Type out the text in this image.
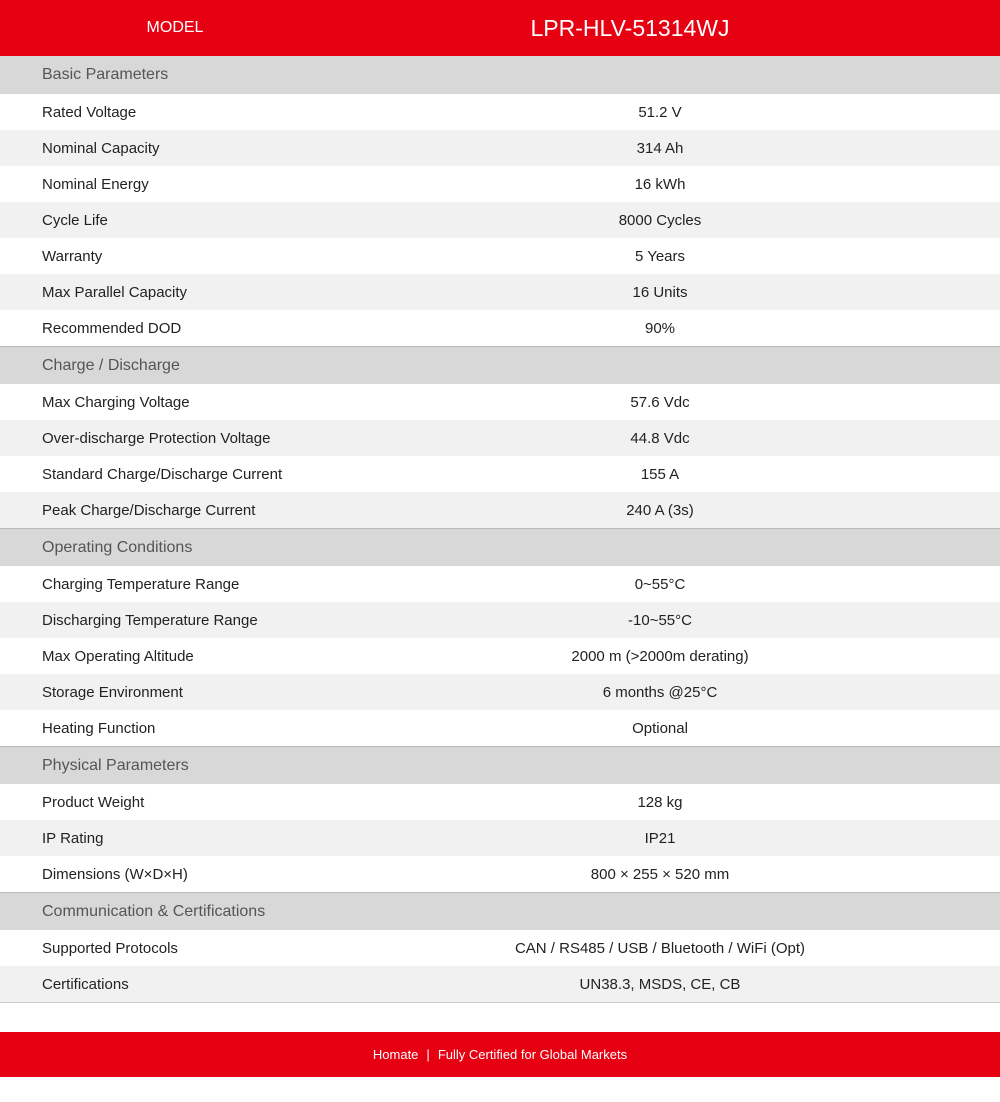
MODEL	LPR-HLV-51314WJ
Basic Parameters
Rated Voltage	51.2 V
Nominal Capacity	314 Ah
Nominal Energy	16 kWh
Cycle Life	8000 Cycles
Warranty	5 Years
Max Parallel Capacity	16 Units
Recommended DOD	90%
Charge / Discharge
Max Charging Voltage	57.6 Vdc
Over-discharge Protection Voltage	44.8 Vdc
Standard Charge/Discharge Current	155 A
Peak Charge/Discharge Current	240 A (3s)
Operating Conditions
Charging Temperature Range	0~55°C
Discharging Temperature Range	-10~55°C
Max Operating Altitude	2000 m (>2000m derating)
Storage Environment	6 months @25°C
Heating Function	Optional
Physical Parameters
Product Weight	128 kg
IP Rating	IP21
Dimensions (W×D×H)	800 × 255 × 520 mm
Communication & Certifications
Supported Protocols	CAN / RS485 / USB / Bluetooth / WiFi (Opt)
Certifications	UN38.3, MSDS, CE, CB
Homate | Fully Certified for Global Markets
